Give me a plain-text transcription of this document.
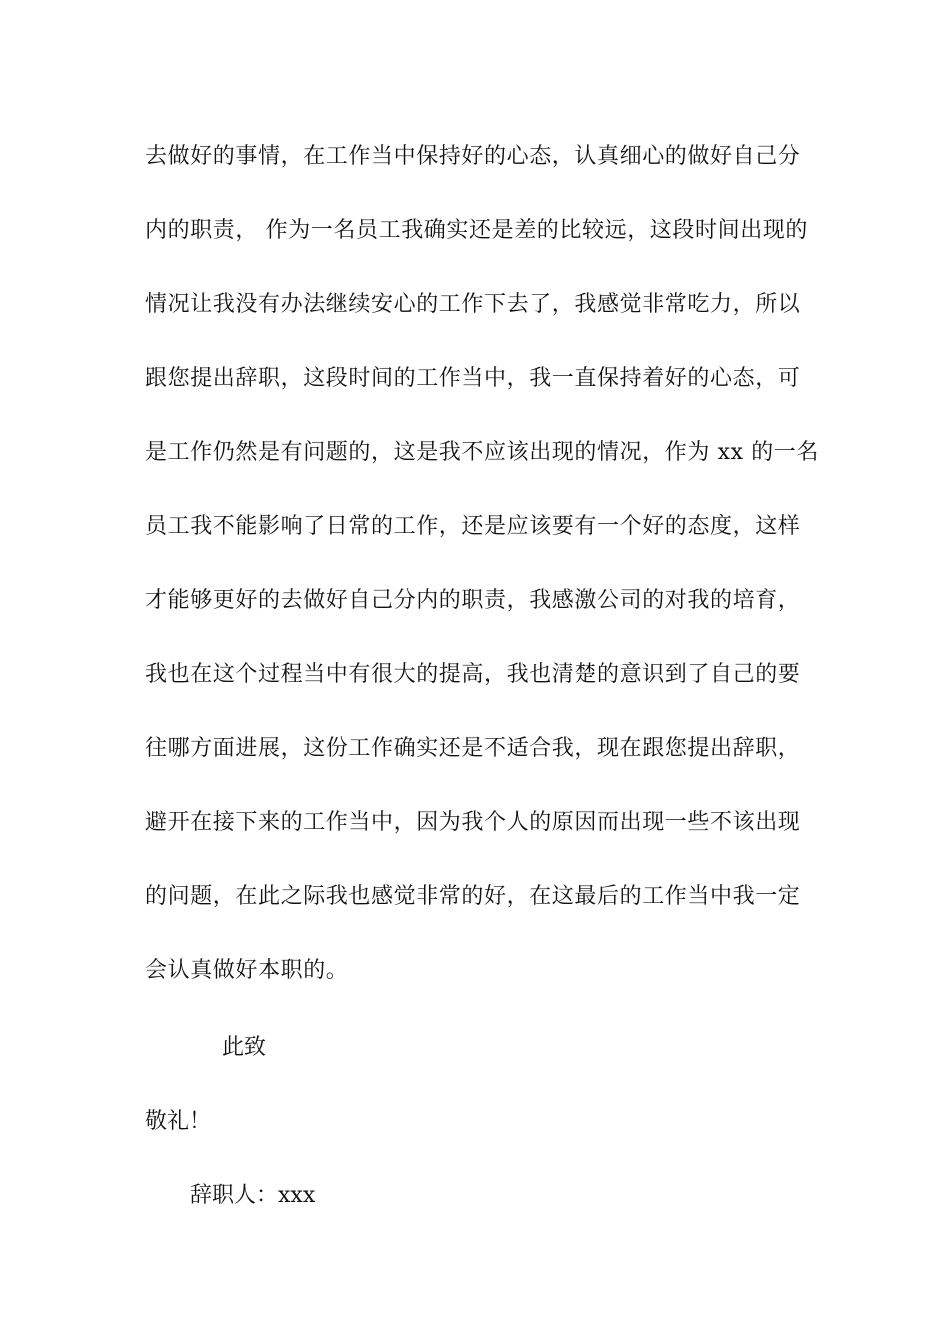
去做好的事情，在工作当中保持好的心态，认真细心的做好自己分
内的职责， 作为一名员工我确实还是差的比较远，这段时间出现的
情况让我没有办法继续安心的工作下去了，我感觉非常吃力，所以
跟您提出辞职，这段时间的工作当中，我一直保持着好的心态，可
是工作仍然是有问题的，这是我不应该出现的情况，作为 xx 的一名
员工我不能影响了日常的工作，还是应该要有一个好的态度，这样
才能够更好的去做好自己分内的职责，我感激公司的对我的培育，
我也在这个过程当中有很大的提高，我也清楚的意识到了自己的要
往哪方面进展，这份工作确实还是不适合我，现在跟您提出辞职，
避开在接下来的工作当中，因为我个人的原因而出现一些不该出现
的问题，在此之际我也感觉非常的好，在这最后的工作当中我一定
会认真做好本职的。
此致
敬礼！
辞职人：xxx
